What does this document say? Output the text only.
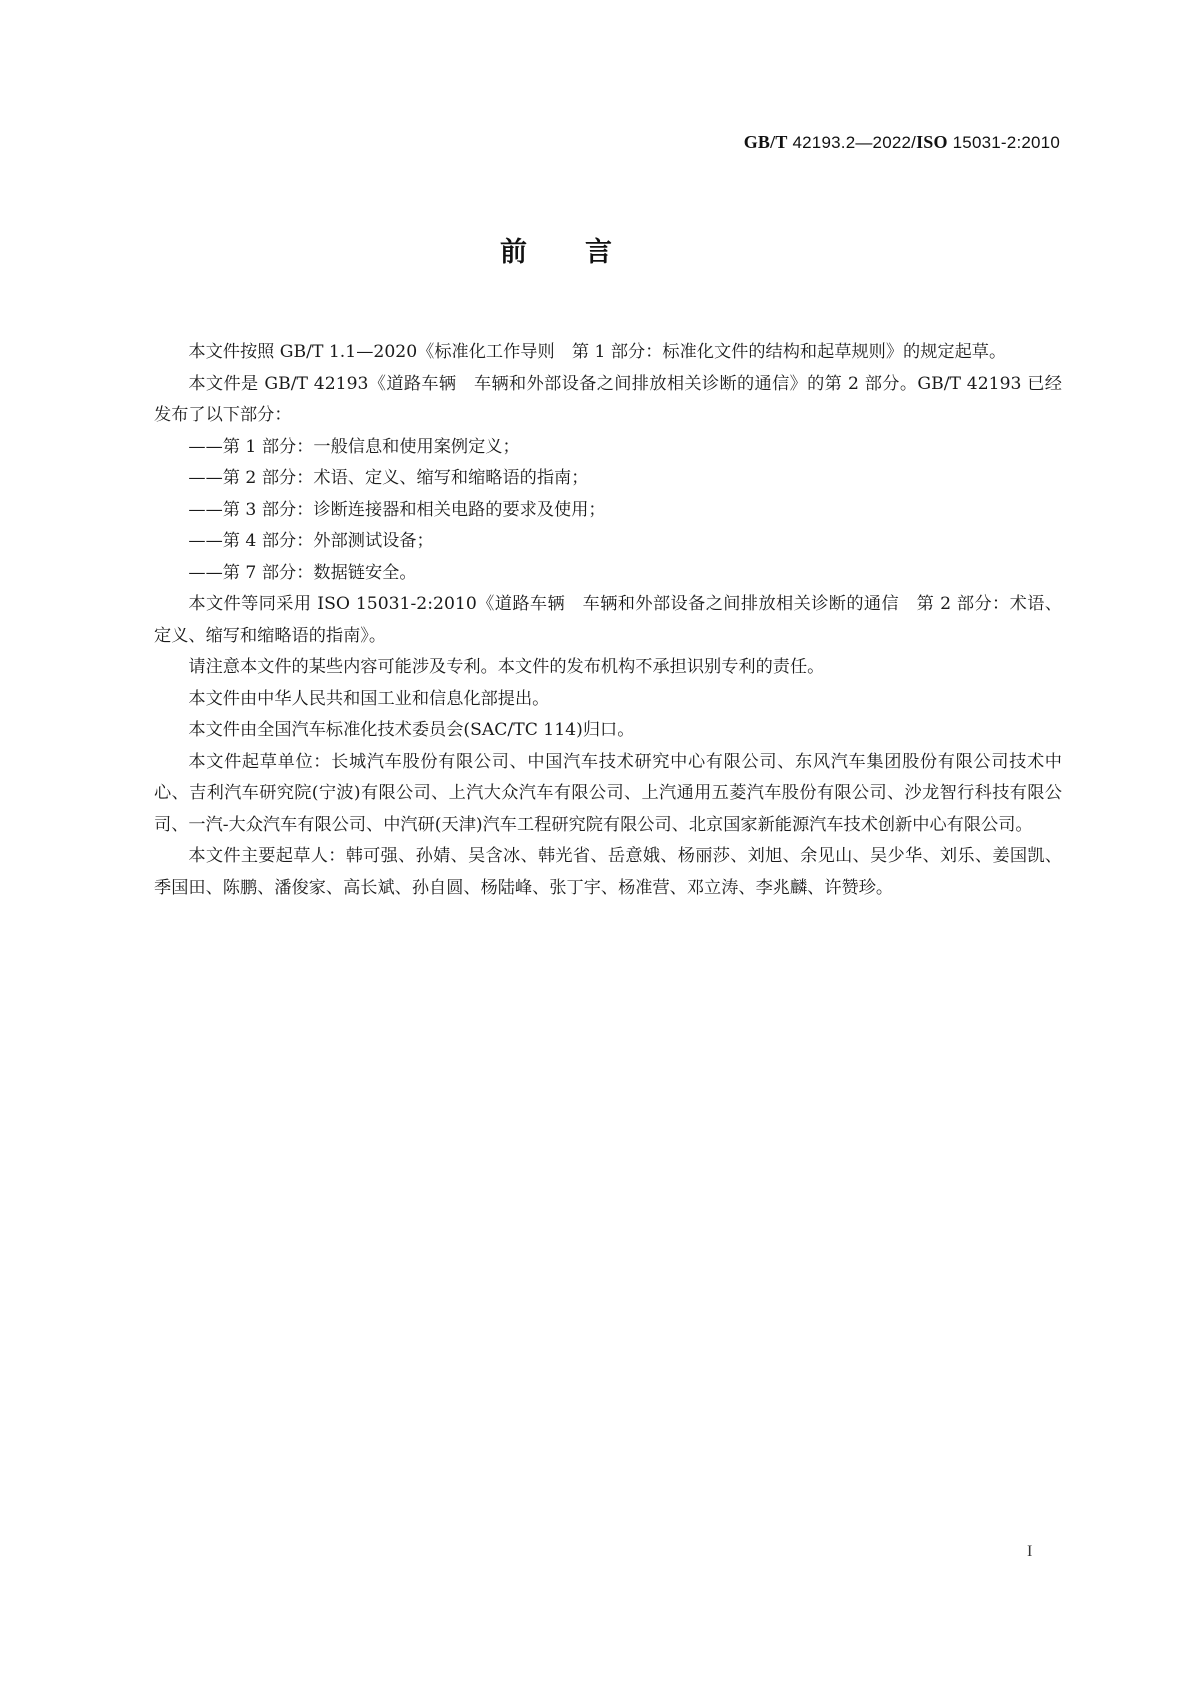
GB/T 42193.2—2022/ISO 15031-2:2010
前 言

本文件按照 GB/T 1.1—2020《标准化工作导则　第 1 部分：标准化文件的结构和起草规则》的规定起草。

本文件是 GB/T 42193《道路车辆　车辆和外部设备之间排放相关诊断的通信》的第 2 部分。GB/T 42193 已经发布了以下部分：

——第 1 部分：一般信息和使用案例定义；

——第 2 部分：术语、定义、缩写和缩略语的指南；

——第 3 部分：诊断连接器和相关电路的要求及使用；

——第 4 部分：外部测试设备；

——第 7 部分：数据链安全。

本文件等同采用 ISO 15031-2:2010《道路车辆　车辆和外部设备之间排放相关诊断的通信　第 2 部分：术语、定义、缩写和缩略语的指南》。

请注意本文件的某些内容可能涉及专利。本文件的发布机构不承担识别专利的责任。

本文件由中华人民共和国工业和信息化部提出。

本文件由全国汽车标准化技术委员会(SAC/TC 114)归口。

本文件起草单位：长城汽车股份有限公司、中国汽车技术研究中心有限公司、东风汽车集团股份有限公司技术中心、吉利汽车研究院(宁波)有限公司、上汽大众汽车有限公司、上汽通用五菱汽车股份有限公司、沙龙智行科技有限公司、一汽-大众汽车有限公司、中汽研(天津)汽车工程研究院有限公司、北京国家新能源汽车技术创新中心有限公司。

本文件主要起草人：韩可强、孙婧、吴含冰、韩光省、岳意娥、杨丽莎、刘旭、余见山、吴少华、刘乐、姜国凯、季国田、陈鹏、潘俊家、高长斌、孙自圆、杨陆峰、张丁宇、杨准营、邓立涛、李兆麟、许赞珍。

I
